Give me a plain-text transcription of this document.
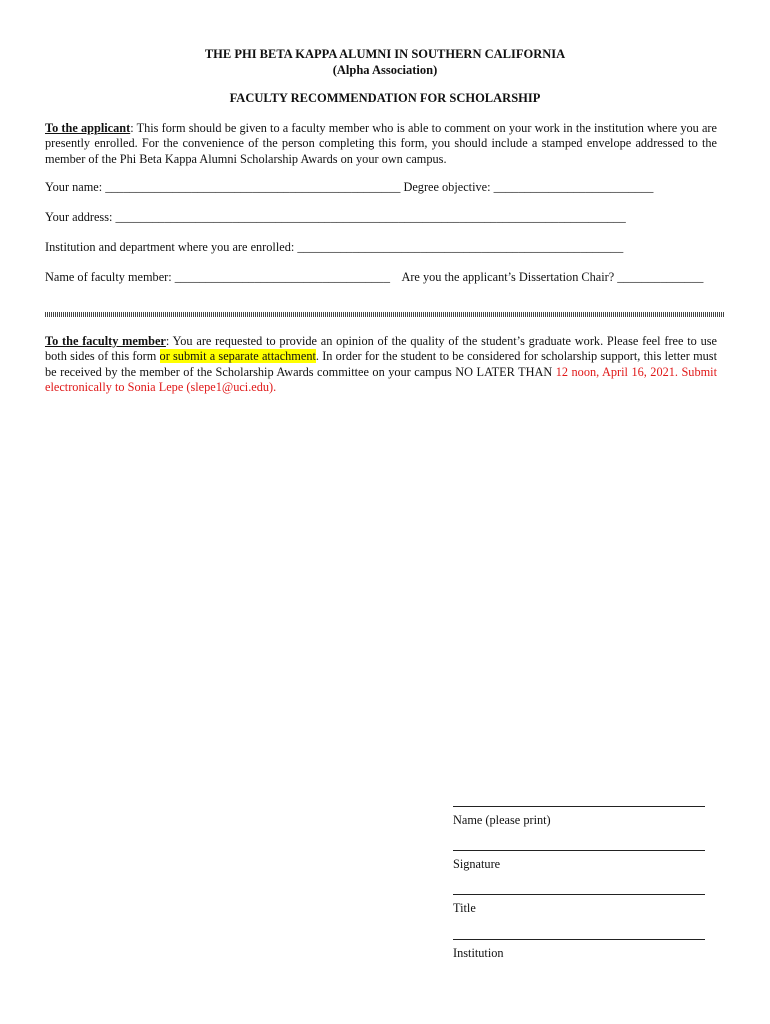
THE PHI BETA KAPPA ALUMNI IN SOUTHERN CALIFORNIA
(Alpha Association)
FACULTY RECOMMENDATION FOR SCHOLARSHIP
To the applicant: This form should be given to a faculty member who is able to comment on your work in the institution where you are presently enrolled. For the convenience of the person completing this form, you should include a stamped envelope addressed to the member of the Phi Beta Kappa Alumni Scholarship Awards on your own campus.
Your name: ________________________________________________ Degree objective: __________________________
Your address: ___________________________________________________________________________________
Institution and department where you are enrolled: _____________________________________________________
Name of faculty member: ___________________________________ Are you the applicant’s Dissertation Chair? ______________
To the faculty member: You are requested to provide an opinion of the quality of the student’s graduate work. Please feel free to use both sides of this form or submit a separate attachment. In order for the student to be considered for scholarship support, this letter must be received by the member of the Scholarship Awards committee on your campus NO LATER THAN 12 noon, April 16, 2021. Submit electronically to Sonia Lepe (slepe1@uci.edu).
Name (please print)
Signature
Title
Institution
